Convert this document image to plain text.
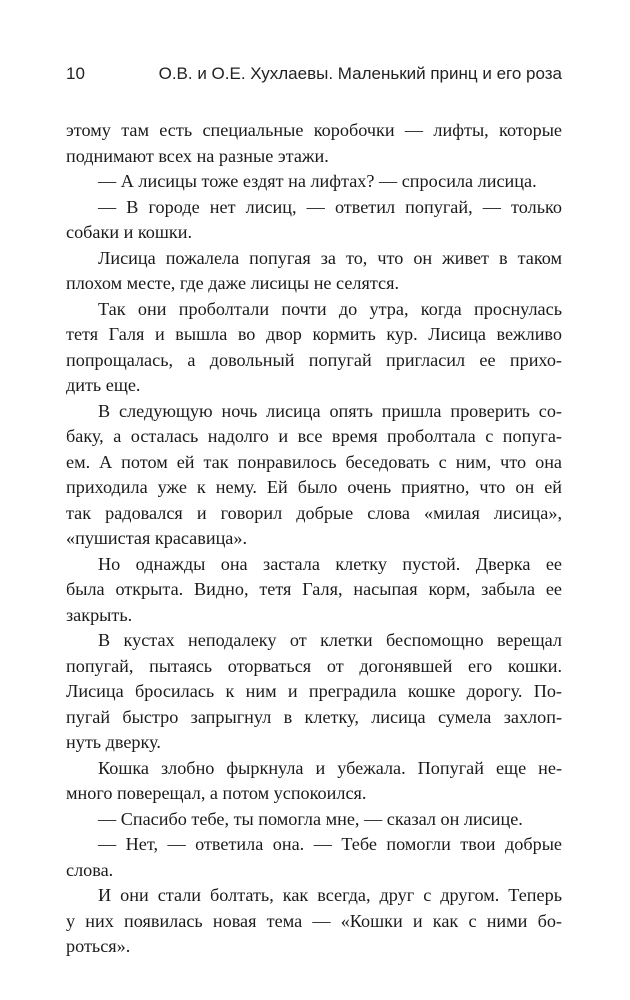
10	О.В. и О.Е. Хухлаевы. Маленький принц и его роза
этому там есть специальные коробочки — лифты, которые
поднимают всех на разные этажи.
— А лисицы тоже ездят на лифтах? — спросила лисица.
— В городе нет лисиц, — ответил попугай, — только
собаки и кошки.
Лисица пожалела попугая за то, что он живет в таком
плохом месте, где даже лисицы не селятся.
Так они проболтали почти до утра, когда проснулась
тетя Галя и вышла во двор кормить кур. Лисица вежливо
попрощалась, а довольный попугай пригласил ее прихо-
дить еще.
В следующую ночь лисица опять пришла проверить со-
баку, а осталась надолго и все время проболтала с попуга-
ем. А потом ей так понравилось беседовать с ним, что она
приходила уже к нему. Ей было очень приятно, что он ей
так радовался и говорил добрые слова «милая лисица»,
«пушистая красавица».
Но однажды она застала клетку пустой. Дверка ее
была открыта. Видно, тетя Галя, насыпая корм, забыла ее
закрыть.
В кустах неподалеку от клетки беспомощно верещал
попугай, пытаясь оторваться от догонявшей его кошки.
Лисица бросилась к ним и преградила кошке дорогу. По-
пугай быстро запрыгнул в клетку, лисица сумела захлоп-
нуть дверку.
Кошка злобно фыркнула и убежала. Попугай еще не-
много поверещал, а потом успокоился.
— Спасибо тебе, ты помогла мне, — сказал он лисице.
— Нет, — ответила она. — Тебе помогли твои добрые
слова.
И они стали болтать, как всегда, друг с другом. Теперь
у них появилась новая тема — «Кошки и как с ними бо-
роться».
